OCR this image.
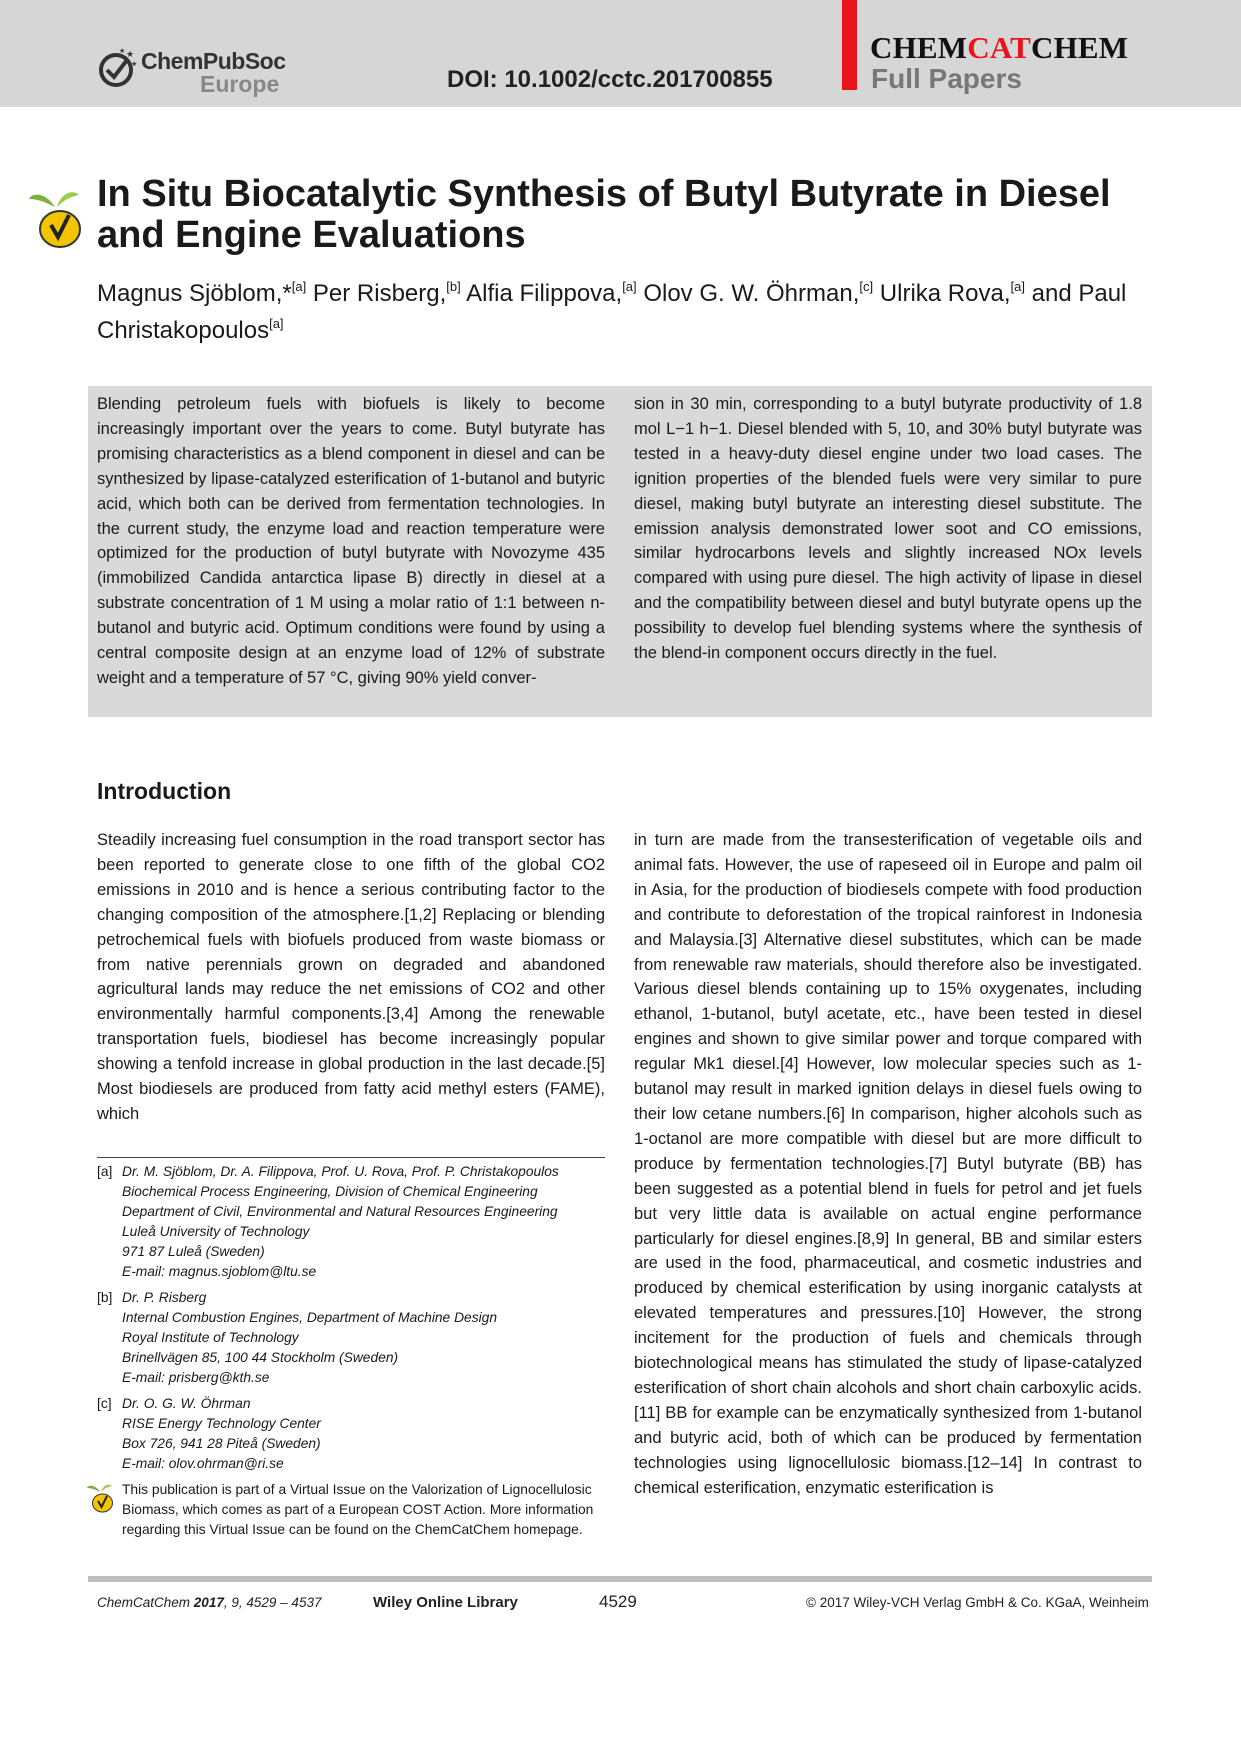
★
★
★ ChemPubSoc
Europe	DOI: 10.1002/cctc.201700855
CHEMCATCHEM
Full Papers
In Situ Biocatalytic Synthesis of Butyl Butyrate in Diesel and Engine Evaluations
Magnus Sjöblom,*[a] Per Risberg,[b] Alfia Filippova,[a] Olov G. W. Öhrman,[c] Ulrika Rova,[a] and Paul Christakopoulos[a]

Blending petroleum fuels with biofuels is likely to become increasingly important over the years to come. Butyl butyrate has promising characteristics as a blend component in diesel and can be synthesized by lipase-catalyzed esterification of 1-butanol and butyric acid, which both can be derived from fermentation technologies. In the current study, the enzyme load and reaction temperature were optimized for the production of butyl butyrate with Novozyme 435 (immobilized Candida antarctica lipase B) directly in diesel at a substrate concentration of 1 M using a molar ratio of 1:1 between n-butanol and butyric acid. Optimum conditions were found by using a central composite design at an enzyme load of 12% of substrate weight and a temperature of 57 °C, giving 90% yield conver-

sion in 30 min, corresponding to a butyl butyrate productivity of 1.8 mol L−1 h−1. Diesel blended with 5, 10, and 30% butyl butyrate was tested in a heavy-duty diesel engine under two load cases. The ignition properties of the blended fuels were very similar to pure diesel, making butyl butyrate an interesting diesel substitute. The emission analysis demonstrated lower soot and CO emissions, similar hydrocarbons levels and slightly increased NOx levels compared with using pure diesel. The high activity of lipase in diesel and the compatibility between diesel and butyl butyrate opens up the possibility to develop fuel blending systems where the synthesis of the blend-in component occurs directly in the fuel.

Introduction

Steadily increasing fuel consumption in the road transport sector has been reported to generate close to one fifth of the global CO2 emissions in 2010 and is hence a serious contributing factor to the changing composition of the atmosphere.[1,2] Replacing or blending petrochemical fuels with biofuels produced from waste biomass or from native perennials grown on degraded and abandoned agricultural lands may reduce the net emissions of CO2 and other environmentally harmful components.[3,4] Among the renewable transportation fuels, biodiesel has become increasingly popular showing a tenfold increase in global production in the last decade.[5] Most biodiesels are produced from fatty acid methyl esters (FAME), which

in turn are made from the transesterification of vegetable oils and animal fats. However, the use of rapeseed oil in Europe and palm oil in Asia, for the production of biodiesels compete with food production and contribute to deforestation of the tropical rainforest in Indonesia and Malaysia.[3] Alternative diesel substitutes, which can be made from renewable raw materials, should therefore also be investigated. Various diesel blends containing up to 15% oxygenates, including ethanol, 1-butanol, butyl acetate, etc., have been tested in diesel engines and shown to give similar power and torque compared with regular Mk1 diesel.[4] However, low molecular species such as 1-butanol may result in marked ignition delays in diesel fuels owing to their low cetane numbers.[6] In comparison, higher alcohols such as 1-octanol are more compatible with diesel but are more difficult to produce by fermentation technologies.[7] Butyl butyrate (BB) has been suggested as a potential blend in fuels for petrol and jet fuels but very little data is available on actual engine performance particularly for diesel engines.[8,9] In general, BB and similar esters are used in the food, pharmaceutical, and cosmetic industries and produced by chemical esterification by using inorganic catalysts at elevated temperatures and pressures.[10] However, the strong incitement for the production of fuels and chemicals through biotechnological means has stimulated the study of lipase-catalyzed esterification of short chain alcohols and short chain carboxylic acids.[11] BB for example can be enzymatically synthesized from 1-butanol and butyric acid, both of which can be produced by fermentation technologies using lignocellulosic biomass.[12–14] In contrast to chemical esterification, enzymatic esterification is

[a] Dr. M. Sjöblom, Dr. A. Filippova, Prof. U. Rova, Prof. P. Christakopoulos
Biochemical Process Engineering, Division of Chemical Engineering
Department of Civil, Environmental and Natural Resources Engineering
Luleå University of Technology
971 87 Luleå (Sweden)
E-mail: magnus.sjoblom@ltu.se
[b] Dr. P. Risberg
Internal Combustion Engines, Department of Machine Design
Royal Institute of Technology
Brinellvägen 85, 100 44 Stockholm (Sweden)
E-mail: prisberg@kth.se
[c] Dr. O. G. W. Öhrman
RISE Energy Technology Center
Box 726, 941 28 Piteå (Sweden)
E-mail: olov.ohrman@ri.se
This publication is part of a Virtual Issue on the Valorization of Lignocellulosic Biomass, which comes as part of a European COST Action. More information regarding this Virtual Issue can be found on the ChemCatChem homepage.
ChemCatChem 2017, 9, 4529 – 4537	Wiley Online Library	4529	© 2017 Wiley-VCH Verlag GmbH & Co. KGaA, Weinheim
